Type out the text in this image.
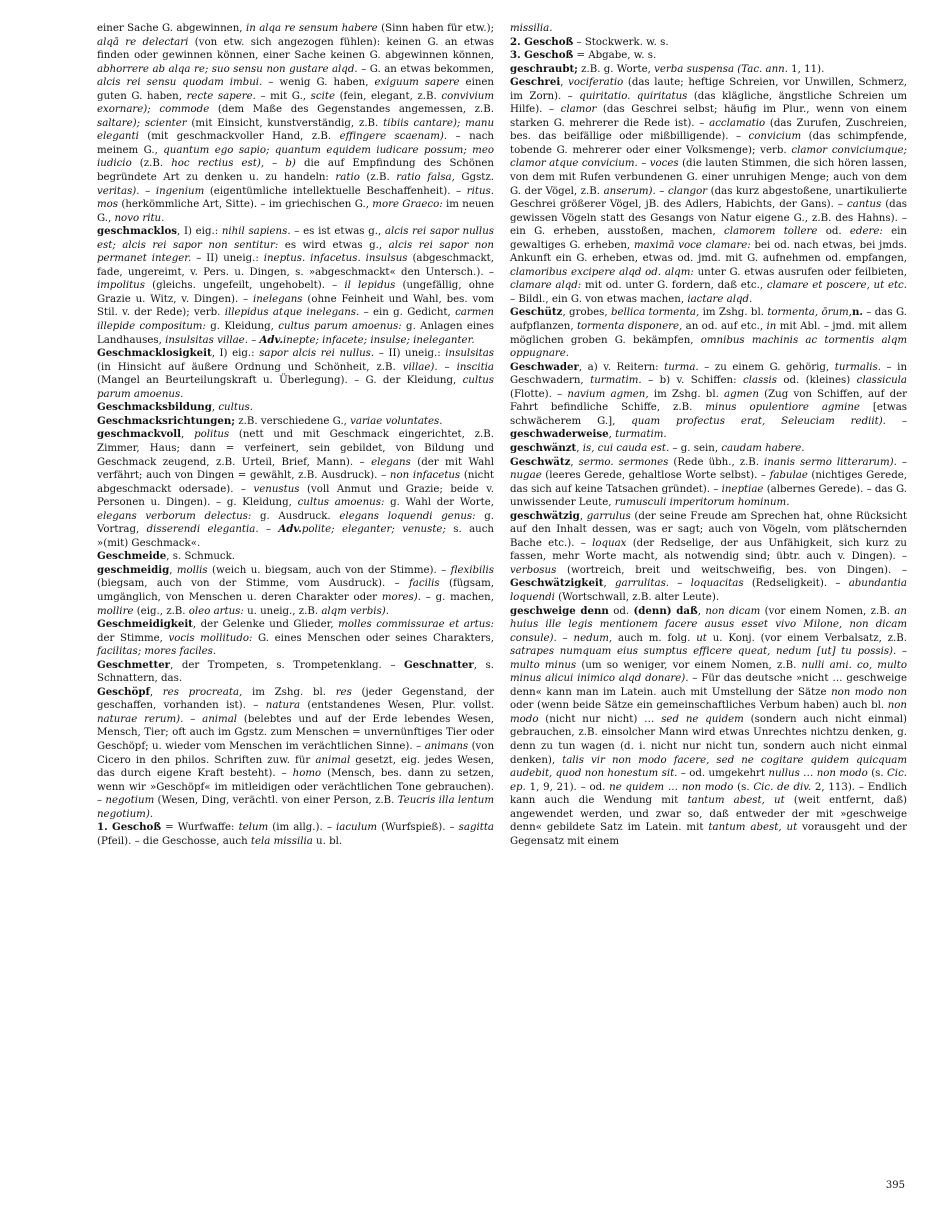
einer Sache G. abgewinnen, in alqa re sensum habere (Sinn haben für etw.); alqā re delectari (von etw. sich angezogen fühlen): keinen G. an etwas finden oder gewinnen können, einer Sache keinen G. abgewinnen können, abhorrere ab alqa re; suo sensu non gustare alqd. – G. an etwas bekommen, alcis rei sensu quodam imbui. – wenig G. haben, exiguum sapere einen guten G. haben, recte sapere. – mit G., scite (fein, elegant, z.B. convivium exornare); commode (dem Maße des Gegenstandes angemessen, z.B. saltare); scienter (mit Einsicht, kunstverständig, z.B. tibiis cantare); manu eleganti (mit geschmackvoller Hand, z.B. effingere scaenam). – nach meinem G., quantum ego sapio; quantum equidem iudicare possum; meo iudicio (z.B. hoc rectius est), – b) die auf Empfindung des Schönen begründete Art zu denken u. zu handeln: ratio (z.B. ratio falsa, Ggstz. veritas). – ingenium (eigentümliche intellektuelle Beschaffenheit). – ritus. mos (herkömmliche Art, Sitte). – im griechischen G., more Graeco: im neuen G., novo ritu.

geschmacklos, I) eig.: nihil sapiens. – es ist etwas g., alcis rei sapor nullus est; alcis rei sapor non sentitur: es wird etwas g., alcis rei sapor non permanet integer. – II) uneig.: ineptus. infacetus. insulsus (abgeschmackt, fade, ungereimt, v. Pers. u. Dingen, s. »abgeschmackt« den Untersch.). – impolitus (gleichs. ungefeilt, ungehobelt). – il lepidus (ungefällig, ohne Grazie u. Witz, v. Dingen). – inelegans (ohne Feinheit und Wahl, bes. vom Stil. v. der Rede); verb. illepidus atque inelegans. – ein g. Gedicht, carmen illepide compositum: g. Kleidung, cultus parum amoenus: g. Anlagen eines Landhauses, insulsitas villae. – Adv.inepte; infacete; insulse; ineleganter.

Geschmacklosigkeit, I) eig.: sapor alcis rei nullus. – II) uneig.: insulsitas (in Hinsicht auf äußere Ordnung und Schönheit, z.B. villae). – inscitia (Mangel an Beurteilungskraft u. Überlegung). – G. der Kleidung, cultus parum amoenus.

Geschmacksbildung, cultus.

Geschmacksrichtungen; z.B. verschiedene G., variae voluntates.

geschmackvoll, politus (nett und mit Geschmack eingerichtet, z.B. Zimmer, Haus; dann = verfeinert, sein gebildet, von Bildung und Geschmack zeugend, z.B. Urteil, Brief, Mann). – elegans (der mit Wahl verfährt; auch von Dingen = gewählt, z.B. Ausdruck). – non infacetus (nicht abgeschmackt odersade). – venustus (voll Anmut und Grazie; beide v. Personen u. Dingen). – g. Kleidung, cultus amoenus: g. Wahl der Worte, elegans verborum delectus: g. Ausdruck. elegans loquendi genus: g. Vortrag, disserendi elegantia. – Adv.polite; eleganter; venuste; s. auch »(mit) Geschmack«.

Geschmeide, s. Schmuck.

geschmeidig, mollis (weich u. biegsam, auch von der Stimme). – flexibilis (biegsam, auch von der Stimme, vom Ausdruck). – facilis (fügsam, umgänglich, von Menschen u. deren Charakter oder mores). – g. machen, mollire (eig., z.B. oleo artus: u. uneig., z.B. alqm verbis).

Geschmeidigkeit, der Gelenke und Glieder, molles commissurae et artus: der Stimme, vocis mollitudo: G. eines Menschen oder seines Charakters, facilitas; mores faciles.

Geschmetter, der Trompeten, s. Trompetenklang. – Geschnatter, s. Schnattern, das.

Geschöpf, res procreata, im Zshg. bl. res (jeder Gegenstand, der geschaffen, vorhanden ist). – natura (entstandenes Wesen, Plur. vollst. naturae rerum). – animal (belebtes und auf der Erde lebendes Wesen, Mensch, Tier; oft auch im Ggstz. zum Menschen = unvernünftiges Tier oder Geschöpf; u. wieder vom Menschen im verächtlichen Sinne). – animans (von Cicero in den philos. Schriften zuw. für animal gesetzt, eig. jedes Wesen, das durch eigene Kraft besteht). – homo (Mensch, bes. dann zu setzen, wenn wir »Geschöpf« im mitleidigen oder verächtlichen Tone gebrauchen). – negotium (Wesen, Ding, verächtl. von einer Person, z.B. Teucris illa lentum negotium).

1. Geschoß = Wurfwaffe: telum (im allg.). – iaculum (Wurfspieß). – sagitta (Pfeil). – die Geschosse, auch tela missilia u. bl.

missilia.

2. Geschoß – Stockwerk. w. s.

3. Geschoß = Abgabe, w. s.

geschraubt; z.B. g. Worte, verba suspensa (Tac. ann. 1, 11).

Geschrei, vociferatio (das laute; heftige Schreien, vor Unwillen, Schmerz, im Zorn). – quiritatio. quiritatus (das klägliche, ängstliche Schreien um Hilfe). – clamor (das Geschrei selbst; häufig im Plur., wenn von einem starken G. mehrerer die Rede ist). – acclamatio (das Zurufen, Zuschreien, bes. das beifällige oder mißbilligende). – convicium (das schimpfende, tobende G. mehrerer oder einer Volksmenge); verb. clamor conviciumque; clamor atque convicium. – voces (die lauten Stimmen, die sich hören lassen, von dem mit Rufen verbundenen G. einer unruhigen Menge; auch von dem G. der Vögel, z.B. anserum). – clangor (das kurz abgestoßene, unartikulierte Geschrei größerer Vögel, jB. des Adlers, Habichts, der Gans). – cantus (das gewissen Vögeln statt des Gesangs von Natur eigene G., z.B. des Hahns). – ein G. erheben, ausstoßen, machen, clamorem tollere od. edere: ein gewaltiges G. erheben, maximā voce clamare: bei od. nach etwas, bei jmds. Ankunft ein G. erheben, etwas od. jmd. mit G. aufnehmen od. empfangen, clamoribus excipere alqd od. alqm: unter G. etwas ausrufen oder feilbieten, clamare alqd: mit od. unter G. fordern, daß etc., clamare et poscere, ut etc. – Bildl., ein G. von etwas machen, iactare alqd.

Geschütz, grobes, bellica tormenta, im Zshg. bl. tormenta, ōrum,n. – das G. aufpflanzen, tormenta disponere, an od. auf etc., in mit Abl. – jmd. mit allem möglichen groben G. bekämpfen, omnibus machinis ac tormentis alqm oppugnare.

Geschwader, a) v. Reitern: turma. – zu einem G. gehörig, turmalis. – in Geschwadern, turmatim. – b) v. Schiffen: classis od. (kleines) classicula (Flotte). – navium agmen, im Zshg. bl. agmen (Zug von Schiffen, auf der Fahrt befindliche Schiffe, z.B. minus opulentiore agmine [etwas schwächerem G.], quam profectus erat, Seleuciam rediit). – geschwaderweise, turmatim.

geschwänzt, is, cui cauda est. – g. sein, caudam habere.

Geschwätz, sermo. sermones (Rede übh., z.B. inanis sermo litterarum). – nugae (leeres Gerede, gehaltlose Worte selbst). – fabulae (nichtiges Gerede, das sich auf keine Tatsachen gründet). – ineptiae (albernes Gerede). – das G. unwissender Leute, rumusculi imperitorum hominum.

geschwätzig, garrulus (der seine Freude am Sprechen hat, ohne Rücksicht auf den Inhalt dessen, was er sagt; auch von Vögeln, vom plätschernden Bache etc.). – loquax (der Redselige, der aus Unfähigkeit, sich kurz zu fassen, mehr Worte macht, als notwendig sind; übtr. auch v. Dingen). – verbosus (wortreich, breit und weitschweifig, bes. von Dingen). – Geschwätzigkeit, garrulitas. – loquacitas (Redseligkeit). – abundantia loquendi (Wortschwall, z.B. alter Leute).

geschweige denn od. (denn) daß, non dicam (vor einem Nomen, z.B. an huius ille legis mentionem facere ausus esset vivo Milone, non dicam consule). – nedum, auch m. folg. ut u. Konj. (vor einem Verbalsatz, z.B. satrapes numquam eius sumptus efficere queat, nedum [ut] tu possis). – multo minus (um so weniger, vor einem Nomen, z.B. nulli ami. co, multo minus alicui inimico alqd donare). – Für das deutsche »nicht … geschweige denn« kann man im Latein. auch mit Umstellung der Sätze non modo non oder (wenn beide Sätze ein gemeinschaftliches Verbum haben) auch bl. non modo (nicht nur nicht) … sed ne quidem (sondern auch nicht einmal) gebrauchen, z.B. einsolcher Mann wird etwas Unrechtes nichtzu denken, g. denn zu tun wagen (d. i. nicht nur nicht tun, sondern auch nicht einmal denken), talis vir non modo facere, sed ne cogitare quidem quicquam audebit, quod non honestum sit. – od. umgekehrt nullus … non modo (s. Cic. ep. 1, 9, 21). – od. ne quidem … non modo (s. Cic. de div. 2, 113). – Endlich kann auch die Wendung mit tantum abest, ut (weit entfernt, daß) angewendet werden, und zwar so, daß entweder der mit »geschweige denn« gebildete Satz im Latein. mit tantum abest, ut vorausgeht und der Gegensatz mit einem

395
